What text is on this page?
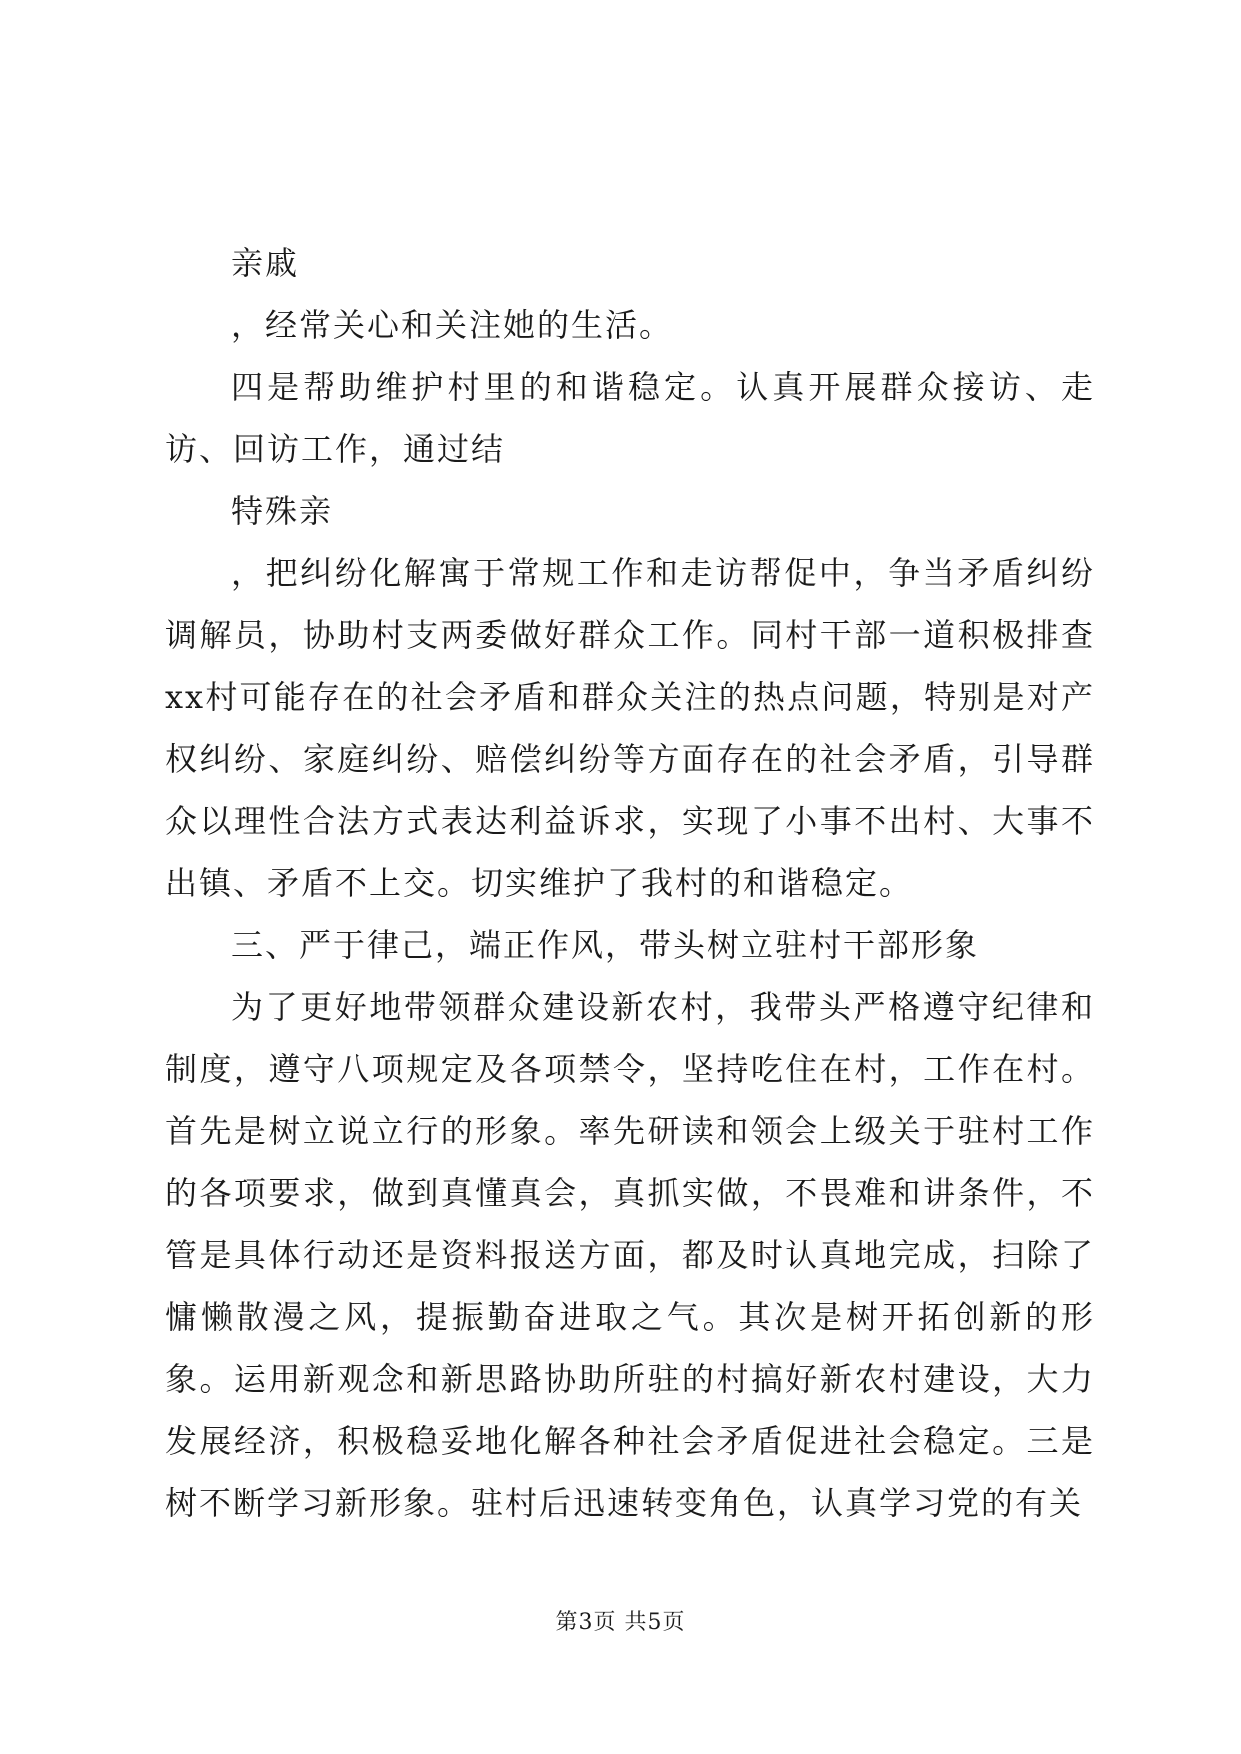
亲戚

，经常关心和关注她的生活。

四是帮助维护村里的和谐稳定。认真开展群众接访、走访、回访工作，通过结

特殊亲

，把纠纷化解寓于常规工作和走访帮促中，争当矛盾纠纷调解员，协助村支两委做好群众工作。同村干部一道积极排查xx村可能存在的社会矛盾和群众关注的热点问题，特别是对产权纠纷、家庭纠纷、赔偿纠纷等方面存在的社会矛盾，引导群众以理性合法方式表达利益诉求，实现了小事不出村、大事不出镇、矛盾不上交。切实维护了我村的和谐稳定。

三、严于律己，端正作风，带头树立驻村干部形象

为了更好地带领群众建设新农村，我带头严格遵守纪律和制度，遵守八项规定及各项禁令，坚持吃住在村，工作在村。首先是树立说立行的形象。率先研读和领会上级关于驻村工作的各项要求，做到真懂真会，真抓实做，不畏难和讲条件，不管是具体行动还是资料报送方面，都及时认真地完成，扫除了慵懒散漫之风，提振勤奋进取之气。其次是树开拓创新的形象。运用新观念和新思路协助所驻的村搞好新农村建设，大力发展经济，积极稳妥地化解各种社会矛盾促进社会稳定。三是树不断学习新形象。驻村后迅速转变角色，认真学习党的有关

第3页 共5页
